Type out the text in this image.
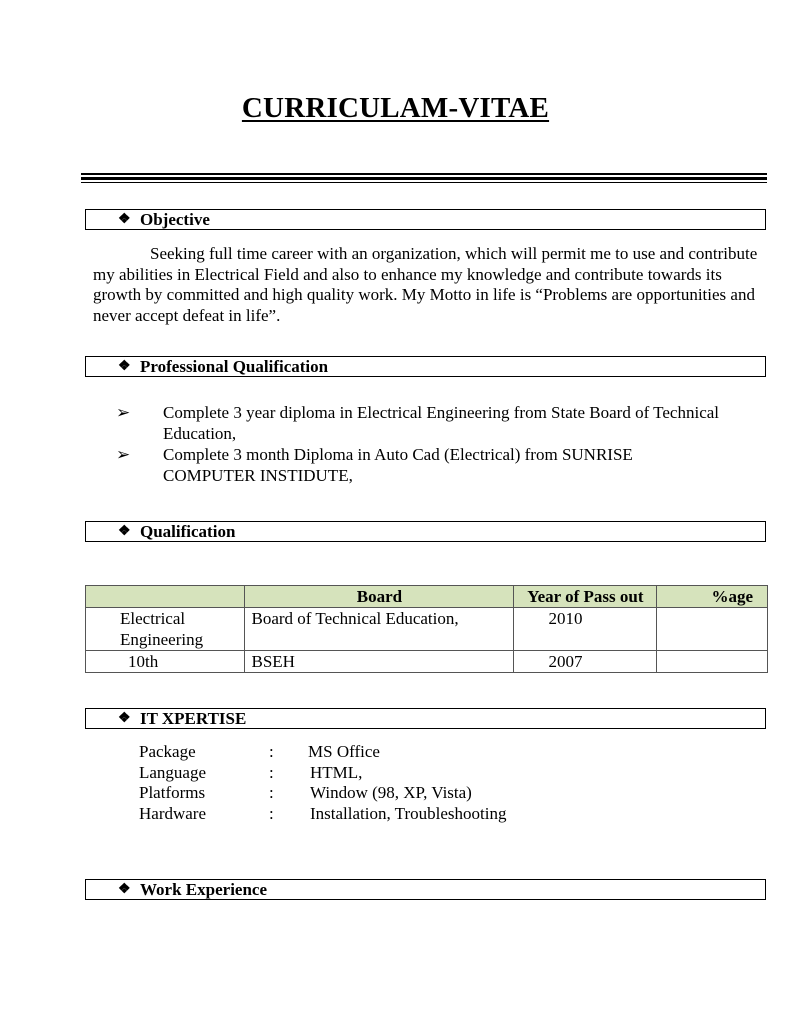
CURRICULAM-VITAE
❖ Objective
Seeking full time career with an organization, which will permit me to use and contribute my abilities in Electrical Field and also to enhance my knowledge and contribute towards its growth by committed and high quality work. My Motto in life is “Problems are opportunities and never accept defeat in life”.
❖ Professional Qualification
➢ Complete 3 year diploma in Electrical Engineering from State Board of Technical Education,
➢ Complete 3 month Diploma in Auto Cad (Electrical) from SUNRISE COMPUTER INSTIDUTE,
❖ Qualification
	Board	Year of Pass out	%age
Electrical Engineering	Board of Technical Education,	2010	
10th	BSEH	2007	
❖ IT XPERTISE
Package	: MS Office
Language	: HTML,
Platforms	: Window (98, XP, Vista)
Hardware	: Installation, Troubleshooting
❖ Work Experience
